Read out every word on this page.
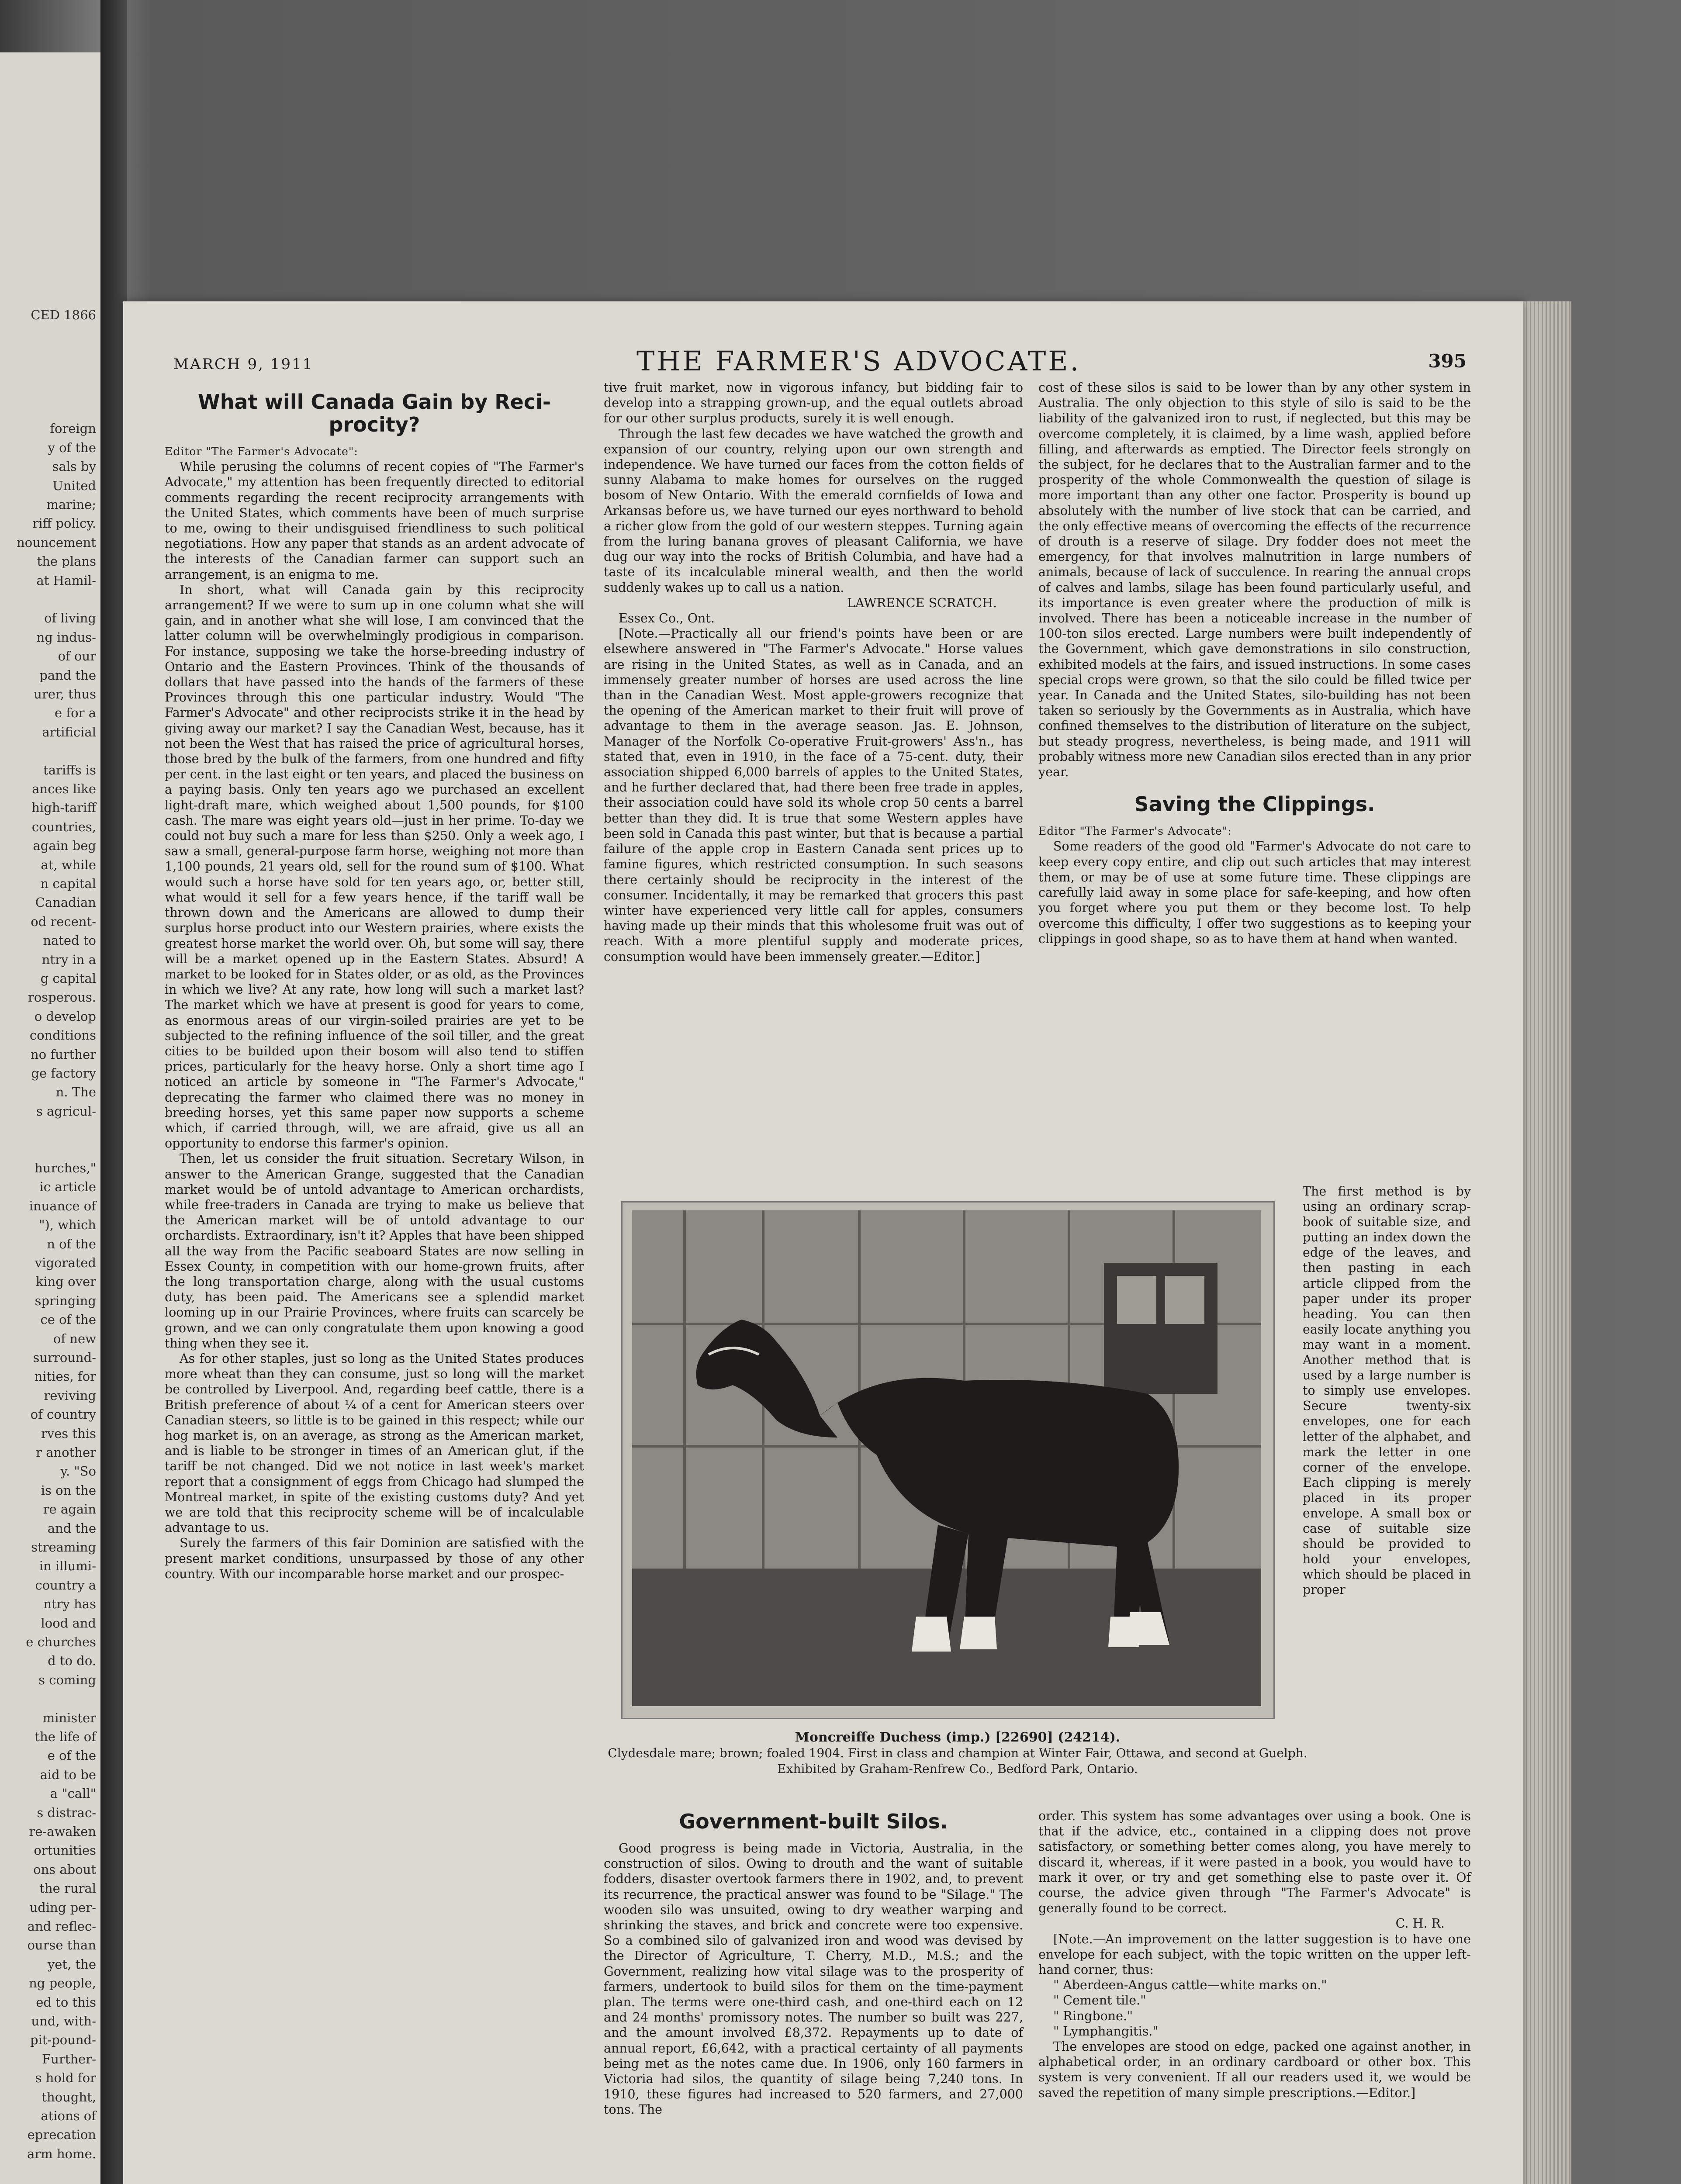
CED 1866
foreign
y of the
sals by
United
marine;
riff policy.
nouncement
the plans
at Hamil-
of living
ng indus-
of our
pand the
urer, thus
e for a
artificial
tariffs is
ances like
high-tariff
countries,
again beg
at, while
n capital
Canadian
od recent-
nated to
ntry in a
g capital
rosperous.
o develop
conditions
no further
ge factory
n. The
s agricul-
hurches,"
ic article
inuance of
"), which
n of the
vigorated
king over
springing
ce of the
of new
surround-
nities, for
reviving
of country
rves this
r another
y. "So
is on the
re again
and the
streaming
in illumi-
country a
ntry has
lood and
e churches
d to do.
s coming
minister
the life of
e of the
aid to be
a "call"
s distrac-
re-awaken
ortunities
ons about
the rural
uding per-
and reflec-
ourse than
yet, the
ng people,
ed to this
und, with-
pit-pound-
Further-
s hold for
thought,
ations of
eprecation
arm home.
MARCH 9, 1911	THE FARMER'S ADVOCATE.	395
What will Canada Gain by Reci-procity?

Editor "The Farmer's Advocate":

While perusing the columns of recent copies of "The Farmer's Advocate," my attention has been frequently directed to editorial comments regarding the recent reciprocity arrangements with the United States, which comments have been of much surprise to me, owing to their undisguised friendliness to such political negotiations. How any paper that stands as an ardent advocate of the interests of the Canadian farmer can support such an arrangement, is an enigma to me.

In short, what will Canada gain by this reciprocity arrangement? If we were to sum up in one column what she will gain, and in another what she will lose, I am convinced that the latter column will be overwhelmingly prodigious in comparison. For instance, supposing we take the horse-breeding industry of Ontario and the Eastern Provinces. Think of the thousands of dollars that have passed into the hands of the farmers of these Provinces through this one particular industry. Would "The Farmer's Advocate" and other reciprocists strike it in the head by giving away our market? I say the Canadian West, because, has it not been the West that has raised the price of agricultural horses, those bred by the bulk of the farmers, from one hundred and fifty per cent. in the last eight or ten years, and placed the business on a paying basis. Only ten years ago we purchased an excellent light-draft mare, which weighed about 1,500 pounds, for $100 cash. The mare was eight years old—just in her prime. To-day we could not buy such a mare for less than $250. Only a week ago, I saw a small, general-purpose farm horse, weighing not more than 1,100 pounds, 21 years old, sell for the round sum of $100. What would such a horse have sold for ten years ago, or, better still, what would it sell for a few years hence, if the tariff wall be thrown down and the Americans are allowed to dump their surplus horse product into our Western prairies, where exists the greatest horse market the world over. Oh, but some will say, there will be a market opened up in the Eastern States. Absurd! A market to be looked for in States older, or as old, as the Provinces in which we live? At any rate, how long will such a market last? The market which we have at present is good for years to come, as enormous areas of our virgin-soiled prairies are yet to be subjected to the refining influence of the soil tiller, and the great cities to be builded upon their bosom will also tend to stiffen prices, particularly for the heavy horse. Only a short time ago I noticed an article by someone in "The Farmer's Advocate," deprecating the farmer who claimed there was no money in breeding horses, yet this same paper now supports a scheme which, if carried through, will, we are afraid, give us all an opportunity to endorse this farmer's opinion.

Then, let us consider the fruit situation. Secretary Wilson, in answer to the American Grange, suggested that the Canadian market would be of untold advantage to American orchardists, while free-traders in Canada are trying to make us believe that the American market will be of untold advantage to our orchardists. Extraordinary, isn't it? Apples that have been shipped all the way from the Pacific seaboard States are now selling in Essex County, in competition with our home-grown fruits, after the long transportation charge, along with the usual customs duty, has been paid. The Americans see a splendid market looming up in our Prairie Provinces, where fruits can scarcely be grown, and we can only congratulate them upon knowing a good thing when they see it.

As for other staples, just so long as the United States produces more wheat than they can consume, just so long will the market be controlled by Liverpool. And, regarding beef cattle, there is a British preference of about ¼ of a cent for American steers over Canadian steers, so little is to be gained in this respect; while our hog market is, on an average, as strong as the American market, and is liable to be stronger in times of an American glut, if the tariff be not changed. Did we not notice in last week's market report that a consignment of eggs from Chicago had slumped the Montreal market, in spite of the existing customs duty? And yet we are told that this reciprocity scheme will be of incalculable advantage to us.

Surely the farmers of this fair Dominion are satisfied with the present market conditions, unsurpassed by those of any other country. With our incomparable horse market and our prospec-

tive fruit market, now in vigorous infancy, but bidding fair to develop into a strapping grown-up, and the equal outlets abroad for our other surplus products, surely it is well enough.

Through the last few decades we have watched the growth and expansion of our country, relying upon our own strength and independence. We have turned our faces from the cotton fields of sunny Alabama to make homes for ourselves on the rugged bosom of New Ontario. With the emerald cornfields of Iowa and Arkansas before us, we have turned our eyes northward to behold a richer glow from the gold of our western steppes. Turning again from the luring banana groves of pleasant California, we have dug our way into the rocks of British Columbia, and have had a taste of its incalculable mineral wealth, and then the world suddenly wakes up to call us a nation.

LAWRENCE SCRATCH.

Essex Co., Ont.

[Note.—Practically all our friend's points have been or are elsewhere answered in "The Farmer's Advocate." Horse values are rising in the United States, as well as in Canada, and an immensely greater number of horses are used across the line than in the Canadian West. Most apple-growers recognize that the opening of the American market to their fruit will prove of advantage to them in the average season. Jas. E. Johnson, Manager of the Norfolk Co-operative Fruit-growers' Ass'n., has stated that, even in 1910, in the face of a 75-cent. duty, their association shipped 6,000 barrels of apples to the United States, and he further declared that, had there been free trade in apples, their association could have sold its whole crop 50 cents a barrel better than they did. It is true that some Western apples have been sold in Canada this past winter, but that is because a partial failure of the apple crop in Eastern Canada sent prices up to famine figures, which restricted consumption. In such seasons there certainly should be reciprocity in the interest of the consumer. Incidentally, it may be remarked that grocers this past winter have experienced very little call for apples, consumers having made up their minds that this wholesome fruit was out of reach. With a more plentiful supply and moderate prices, consumption would have been immensely greater.—Editor.]

cost of these silos is said to be lower than by any other system in Australia. The only objection to this style of silo is said to be the liability of the galvanized iron to rust, if neglected, but this may be overcome completely, it is claimed, by a lime wash, applied before filling, and afterwards as emptied. The Director feels strongly on the subject, for he declares that to the Australian farmer and to the prosperity of the whole Commonwealth the question of silage is more important than any other one factor. Prosperity is bound up absolutely with the number of live stock that can be carried, and the only effective means of overcoming the effects of the recurrence of drouth is a reserve of silage. Dry fodder does not meet the emergency, for that involves malnutrition in large numbers of animals, because of lack of succulence. In rearing the annual crops of calves and lambs, silage has been found particularly useful, and its importance is even greater where the production of milk is involved. There has been a noticeable increase in the number of 100-ton silos erected. Large numbers were built independently of the Government, which gave demonstrations in silo construction, exhibited models at the fairs, and issued instructions. In some cases special crops were grown, so that the silo could be filled twice per year. In Canada and the United States, silo-building has not been taken so seriously by the Governments as in Australia, which have confined themselves to the distribution of literature on the subject, but steady progress, nevertheless, is being made, and 1911 will probably witness more new Canadian silos erected than in any prior year.

Saving the Clippings.

Editor "The Farmer's Advocate":

Some readers of the good old "Farmer's Advocate do not care to keep every copy entire, and clip out such articles that may interest them, or may be of use at some future time. These clippings are carefully laid away in some place for safe-keeping, and how often you forget where you put them or they become lost. To help overcome this difficulty, I offer two suggestions as to keeping your clippings in good shape, so as to have them at hand when wanted.

The first method is by using an ordinary scrap-book of suitable size, and putting an index down the edge of the leaves, and then pasting in each article clipped from the paper under its proper heading. You can then easily locate anything you may want in a moment. Another method that is used by a large number is to simply use envelopes. Secure twenty-six envelopes, one for each letter of the alphabet, and mark the letter in one corner of the envelope. Each clipping is merely placed in its proper envelope. A small box or case of suitable size should be provided to hold your envelopes, which should be placed in proper
Moncreiffe Duchess (imp.) [22690] (24214).
Clydesdale mare; brown; foaled 1904. First in class and champion at Winter Fair, Ottawa, and second at Guelph. Exhibited by Graham-Renfrew Co., Bedford Park, Ontario.
Government-built Silos.

Good progress is being made in Victoria, Australia, in the construction of silos. Owing to drouth and the want of suitable fodders, disaster overtook farmers there in 1902, and, to prevent its recurrence, the practical answer was found to be "Silage." The wooden silo was unsuited, owing to dry weather warping and shrinking the staves, and brick and concrete were too expensive. So a combined silo of galvanized iron and wood was devised by the Director of Agriculture, T. Cherry, M.D., M.S.; and the Government, realizing how vital silage was to the prosperity of farmers, undertook to build silos for them on the time-payment plan. The terms were one-third cash, and one-third each on 12 and 24 months' promissory notes. The number so built was 227, and the amount involved £8,372. Repayments up to date of annual report, £6,642, with a practical certainty of all payments being met as the notes came due. In 1906, only 160 farmers in Victoria had silos, the quantity of silage being 7,240 tons. In 1910, these figures had increased to 520 farmers, and 27,000 tons. The

order. This system has some advantages over using a book. One is that if the advice, etc., contained in a clipping does not prove satisfactory, or something better comes along, you have merely to discard it, whereas, if it were pasted in a book, you would have to mark it over, or try and get something else to paste over it. Of course, the advice given through "The Farmer's Advocate" is generally found to be correct.

C. H. R.

[Note.—An improvement on the latter suggestion is to have one envelope for each subject, with the topic written on the upper left-hand corner, thus:

" Aberdeen-Angus cattle—white marks on."

" Cement tile."

" Ringbone."

" Lymphangitis."

The envelopes are stood on edge, packed one against another, in alphabetical order, in an ordinary cardboard or other box. This system is very convenient. If all our readers used it, we would be saved the repetition of many simple prescriptions.—Editor.]
